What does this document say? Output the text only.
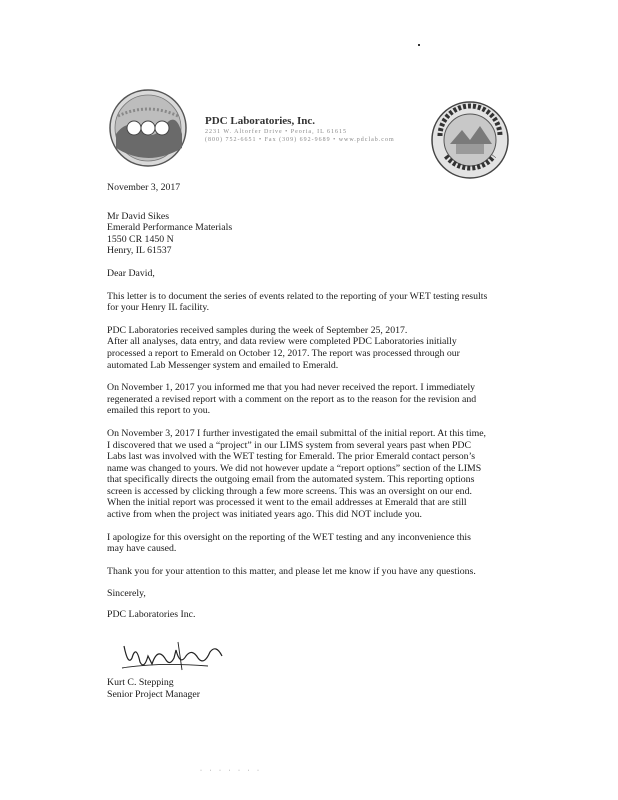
PDC Laboratories, Inc.
2231 W. Altorfer Drive • Peoria, IL 61615
(800) 752-6651 • Fax (309) 692-9689 • www.pdclab.com

November 3, 2017

Mr David Sikes
Emerald Performance Materials
1550 CR 1450 N
Henry, IL 61537

Dear David,

This letter is to document the series of events related to the reporting of your WET testing results
for your Henry IL facility.

PDC Laboratories received samples during the week of September 25, 2017.
After all analyses, data entry, and data review were completed PDC Laboratories initially
processed a report to Emerald on October 12, 2017. The report was processed through our
automated Lab Messenger system and emailed to Emerald.

On November 1, 2017 you informed me that you had never received the report. I immediately
regenerated a revised report with a comment on the report as to the reason for the revision and
emailed this report to you.

On November 3, 2017 I further investigated the email submittal of the initial report. At this time,
I discovered that we used a “project” in our LIMS system from several years past when PDC
Labs last was involved with the WET testing for Emerald. The prior Emerald contact person’s
name was changed to yours. We did not however update a “report options” section of the LIMS
that specifically directs the outgoing email from the automated system. This reporting options
screen is accessed by clicking through a few more screens. This was an oversight on our end.
When the initial report was processed it went to the email addresses at Emerald that are still
active from when the project was initiated years ago. This did NOT include you.

I apologize for this oversight on the reporting of the WET testing and any inconvenience this
may have caused.

Thank you for your attention to this matter, and please let me know if you have any questions.

Sincerely,

PDC Laboratories Inc.

Kurt C. Stepping
Senior Project Manager
· · · · · · ·
